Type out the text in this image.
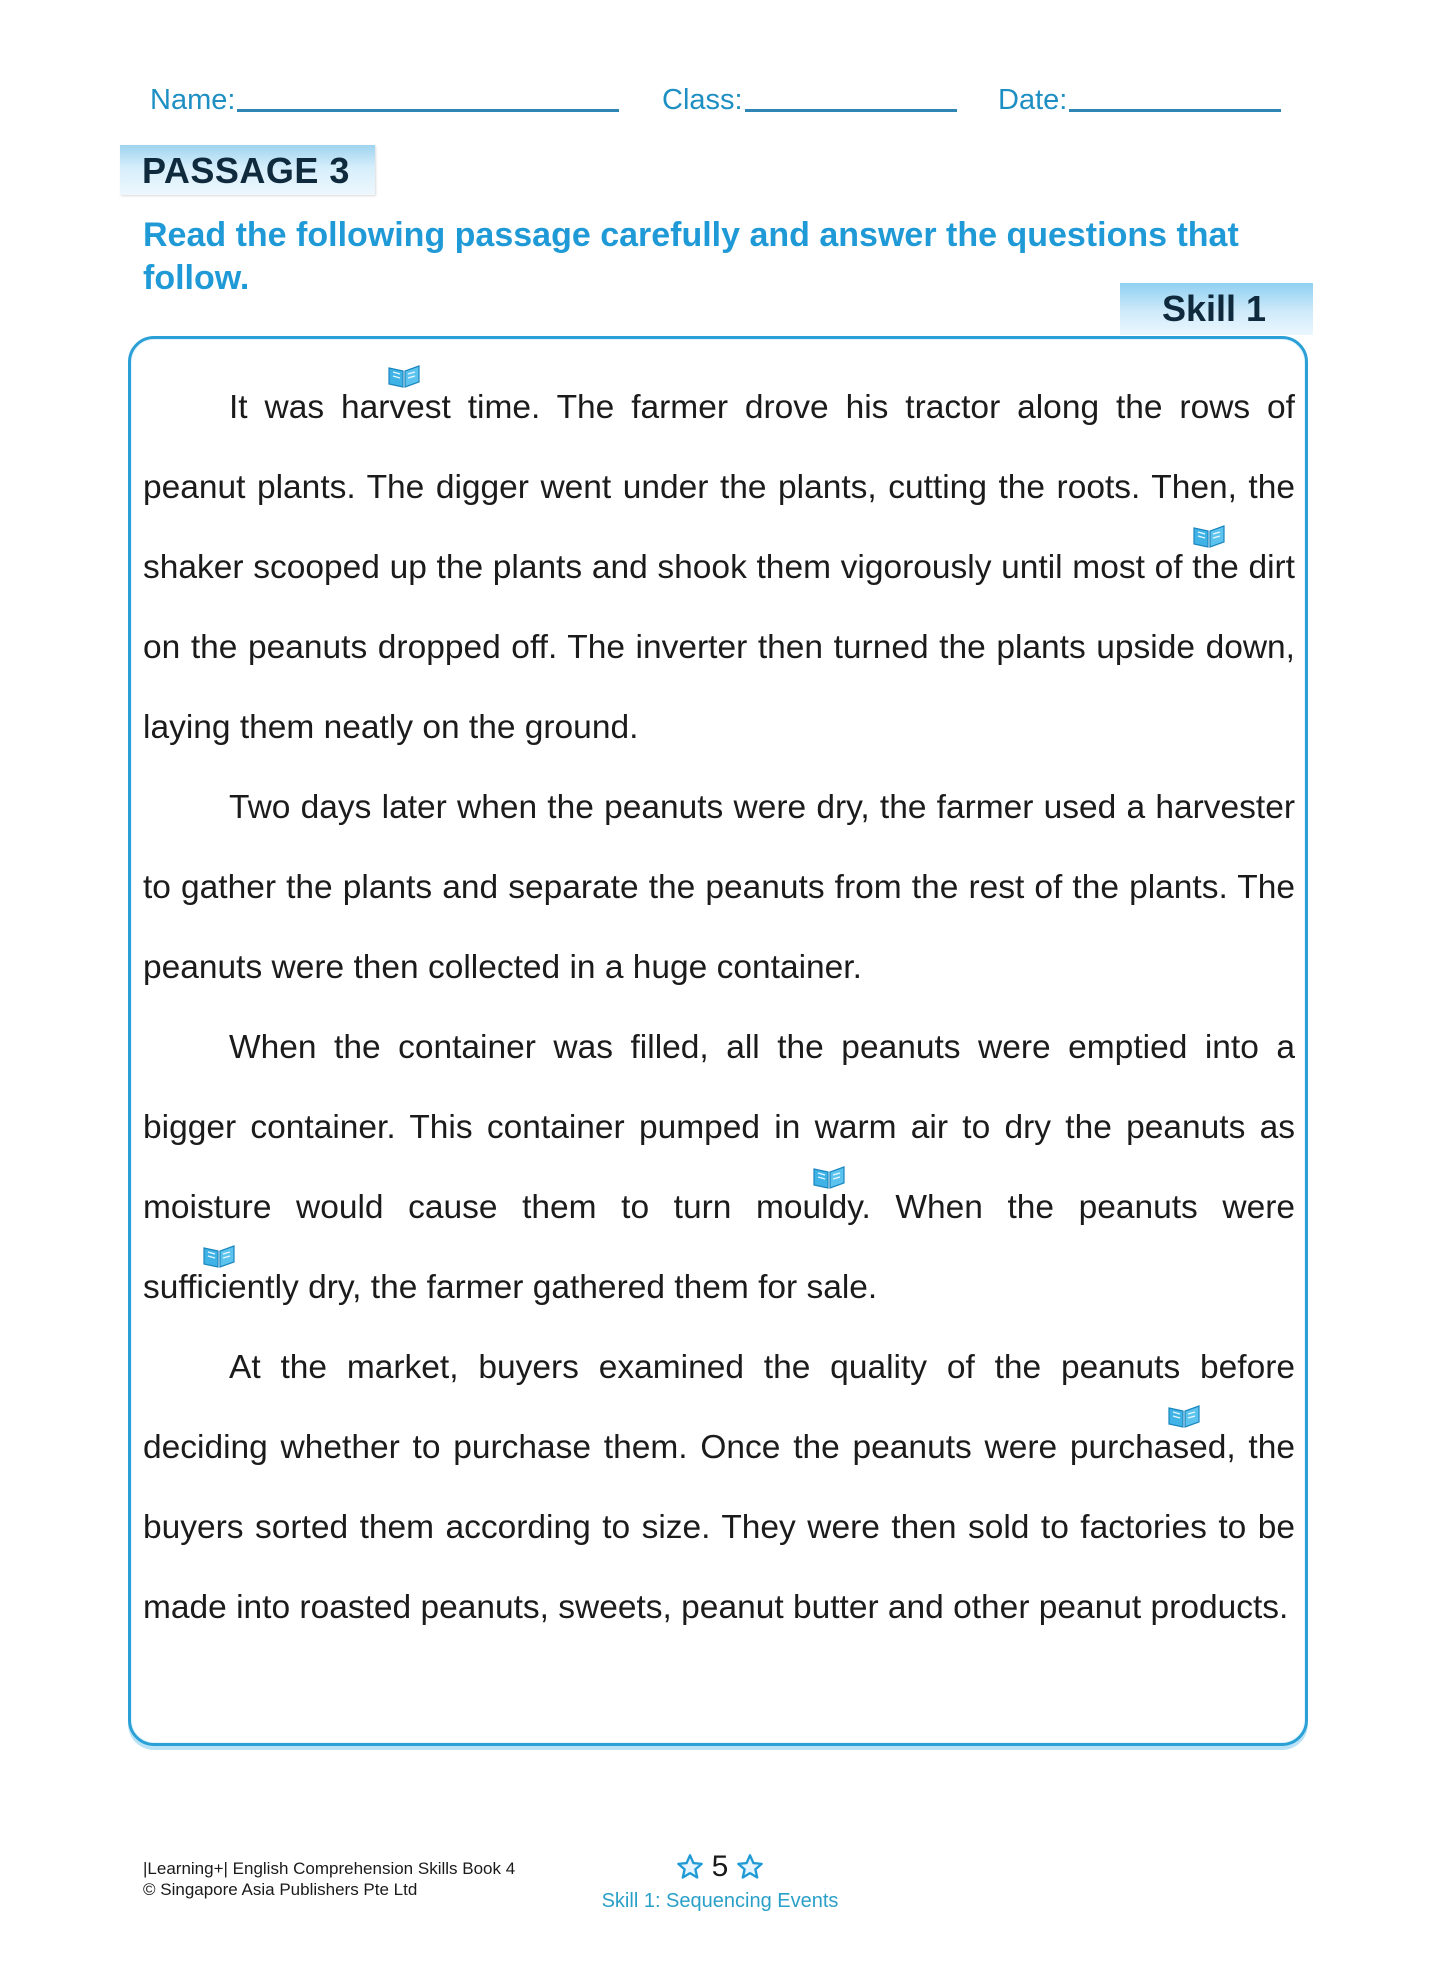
Name:	Class:	Date:
PASSAGE 3
Read the following passage carefully and answer the questions that follow.
Skill 1

It was harvest time. The farmer drove his tractor along the rows of peanut plants. The digger went under the plants, cutting the roots. Then, the shaker scooped up the plants and shook them vigorously until most of the dirt on the peanuts dropped off. The inverter then turned the plants upside down, laying them neatly on the ground.

Two days later when the peanuts were dry, the farmer used a harvester to gather the plants and separate the peanuts from the rest of the plants. The peanuts were then collected in a huge container.

When the container was filled, all the peanuts were emptied into a bigger container. This container pumped in warm air to dry the peanuts as moisture would cause them to turn mouldy. When the peanuts were sufficiently dry, the farmer gathered them for sale.

At the market, buyers examined the quality of the peanuts before deciding whether to purchase them. Once the peanuts were purchased, the buyers sorted them according to size. They were then sold to factories to be made into roasted peanuts, sweets, peanut butter and other peanut products.

|Learning+| English Comprehension Skills Book 4
© Singapore Asia Publishers Pte Ltd
5
Skill 1: Sequencing Events
